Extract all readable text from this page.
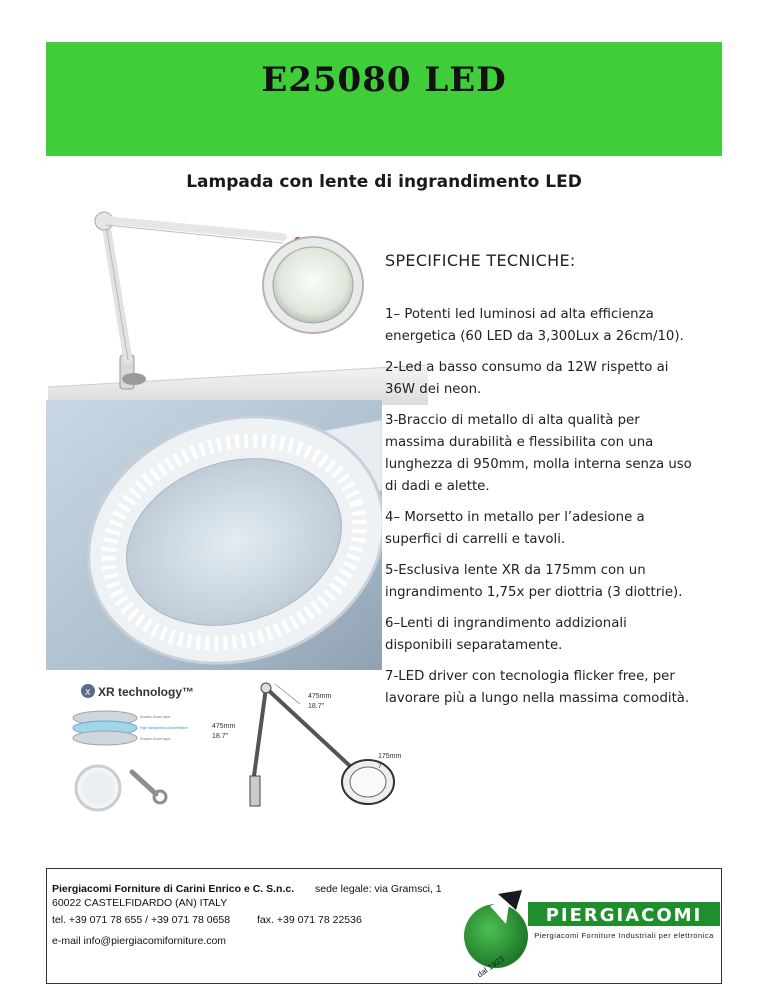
E25080 LED
Lampada con lente di ingrandimento LED
X XR technology™
Scratch-Guard layer
High transparency Antireflective
Scratch-Guard layer
475mm
18.7"
475mm
18.7"
175mm
7"
SPECIFICHE TECNICHE:

1– Potenti led luminosi ad alta efficienza energetica (60 LED da 3,300Lux a 26cm/10).

2-Led a basso consumo da 12W rispetto ai 36W dei neon.

3-Braccio di metallo di alta qualità per massima durabilità e flessibilita con una lunghezza di 950mm, molla interna senza uso di dadi e alette.

4– Morsetto in metallo per l’adesione a superfici di carrelli e tavoli.

5-Esclusiva lente XR da 175mm con un ingrandimento 1,75x per diottria (3 diottrie).

6–Lenti di ingrandimento addizionali disponibili separatamente.

7-LED driver con tecnologia flicker free, per lavorare più a lungo nella massima comodità.

Piergiacomi Forniture di Carini Enrico e C. S.n.c. sede legale: via Gramsci, 1
60022 CASTELFIDARDO (AN) ITALY
tel. +39 071 78 655 / +39 071 78 0658	fax. +39 071 78 22536
e-mail info@piergiacomiforniture.com
dal 1923
PIERGIACOMI
Piergiacomi Forniture Industriali per elettronica
